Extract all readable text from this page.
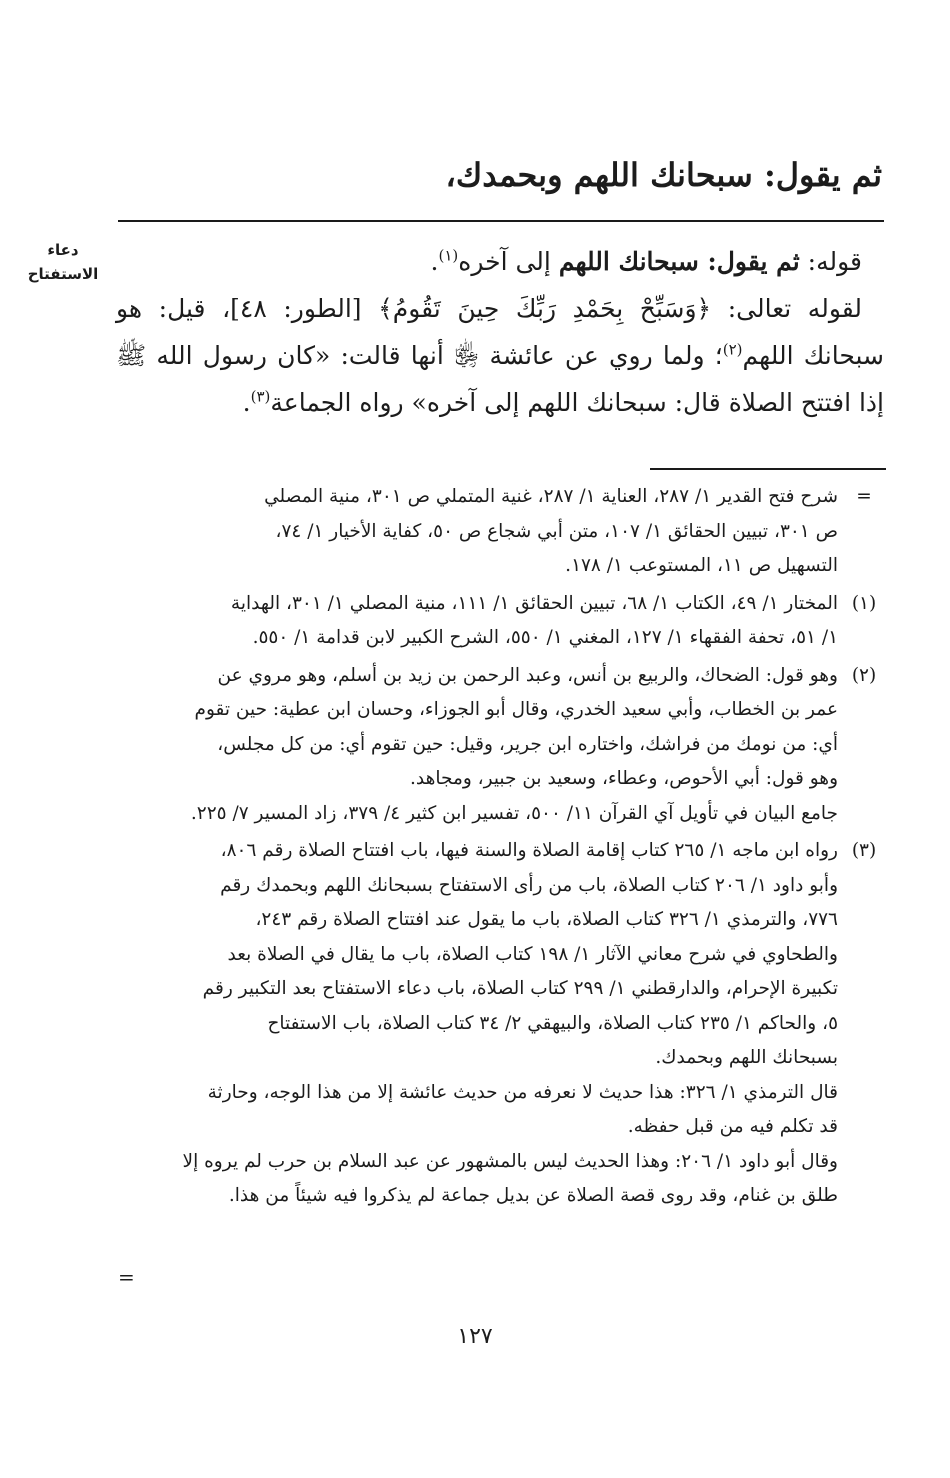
ثم يقول: سبحانك اللهم وبحمدك،
دعاء
الاستفتاح	قوله: ثم يقول: سبحانك اللهم إلى آخره$^{(١)}$.

لقوله تعالى: ﴿وَسَبِّحْ بِحَمْدِ رَبِّكَ حِينَ تَقُومُ﴾ [الطور: ٤٨]، قيل: هو سبحانك اللهم$^{(٢)}$؛ ولما روي عن عائشة ﵂ أنها قالت: «كان رسول الله ﷺ إذا افتتح الصلاة قال: سبحانك اللهم إلى آخره» رواه الجماعة$^{(٣)}$.

=
شرح فتح القدير ١/ ٢٨٧، العناية ١/ ٢٨٧، غنية المتملي ص ٣٠١، منية المصلي
ص ٣٠١، تبيين الحقائق ١/ ١٠٧، متن أبي شجاع ص ٥٠، كفاية الأخيار ١/ ٧٤،
التسهيل ص ١١، المستوعب ١/ ١٧٨.
(١)
المختار ١/ ٤٩، الكتاب ١/ ٦٨، تبيين الحقائق ١/ ١١١، منية المصلي ١/ ٣٠١، الهداية
١/ ٥١، تحفة الفقهاء ١/ ١٢٧، المغني ١/ ٥٥٠، الشرح الكبير لابن قدامة ١/ ٥٥٠.
(٢)
وهو قول: الضحاك، والربيع بن أنس، وعبد الرحمن بن زيد بن أسلم، وهو مروي عن
عمر بن الخطاب، وأبي سعيد الخدري، وقال أبو الجوزاء، وحسان ابن عطية: حين تقوم
أي: من نومك من فراشك، واختاره ابن جرير، وقيل: حين تقوم أي: من كل مجلس،
وهو قول: أبي الأحوص، وعطاء، وسعيد بن جبير، ومجاهد.
جامع البيان في تأويل آي القرآن ١١/ ٥٠٠، تفسير ابن كثير ٤/ ٣٧٩، زاد المسير ٧/ ٢٢٥.
(٣)
رواه ابن ماجه ١/ ٢٦٥ كتاب إقامة الصلاة والسنة فيها، باب افتتاح الصلاة رقم ٨٠٦،
وأبو داود ١/ ٢٠٦ كتاب الصلاة، باب من رأى الاستفتاح بسبحانك اللهم وبحمدك رقم
٧٧٦، والترمذي ١/ ٣٢٦ كتاب الصلاة، باب ما يقول عند افتتاح الصلاة رقم ٢٤٣،
والطحاوي في شرح معاني الآثار ١/ ١٩٨ كتاب الصلاة، باب ما يقال في الصلاة بعد
تكبيرة الإحرام، والدارقطني ١/ ٢٩٩ كتاب الصلاة، باب دعاء الاستفتاح بعد التكبير رقم
٥، والحاكم ١/ ٢٣٥ كتاب الصلاة، والبيهقي ٢/ ٣٤ كتاب الصلاة، باب الاستفتاح
بسبحانك اللهم وبحمدك.
قال الترمذي ١/ ٣٢٦: هذا حديث لا نعرفه من حديث عائشة إلا من هذا الوجه، وحارثة
قد تكلم فيه من قبل حفظه.
وقال أبو داود ١/ ٢٠٦: وهذا الحديث ليس بالمشهور عن عبد السلام بن حرب لم يروه إلا
طلق بن غنام، وقد روى قصة الصلاة عن بديل جماعة لم يذكروا فيه شيئاً من هذا.
=
١٢٧
